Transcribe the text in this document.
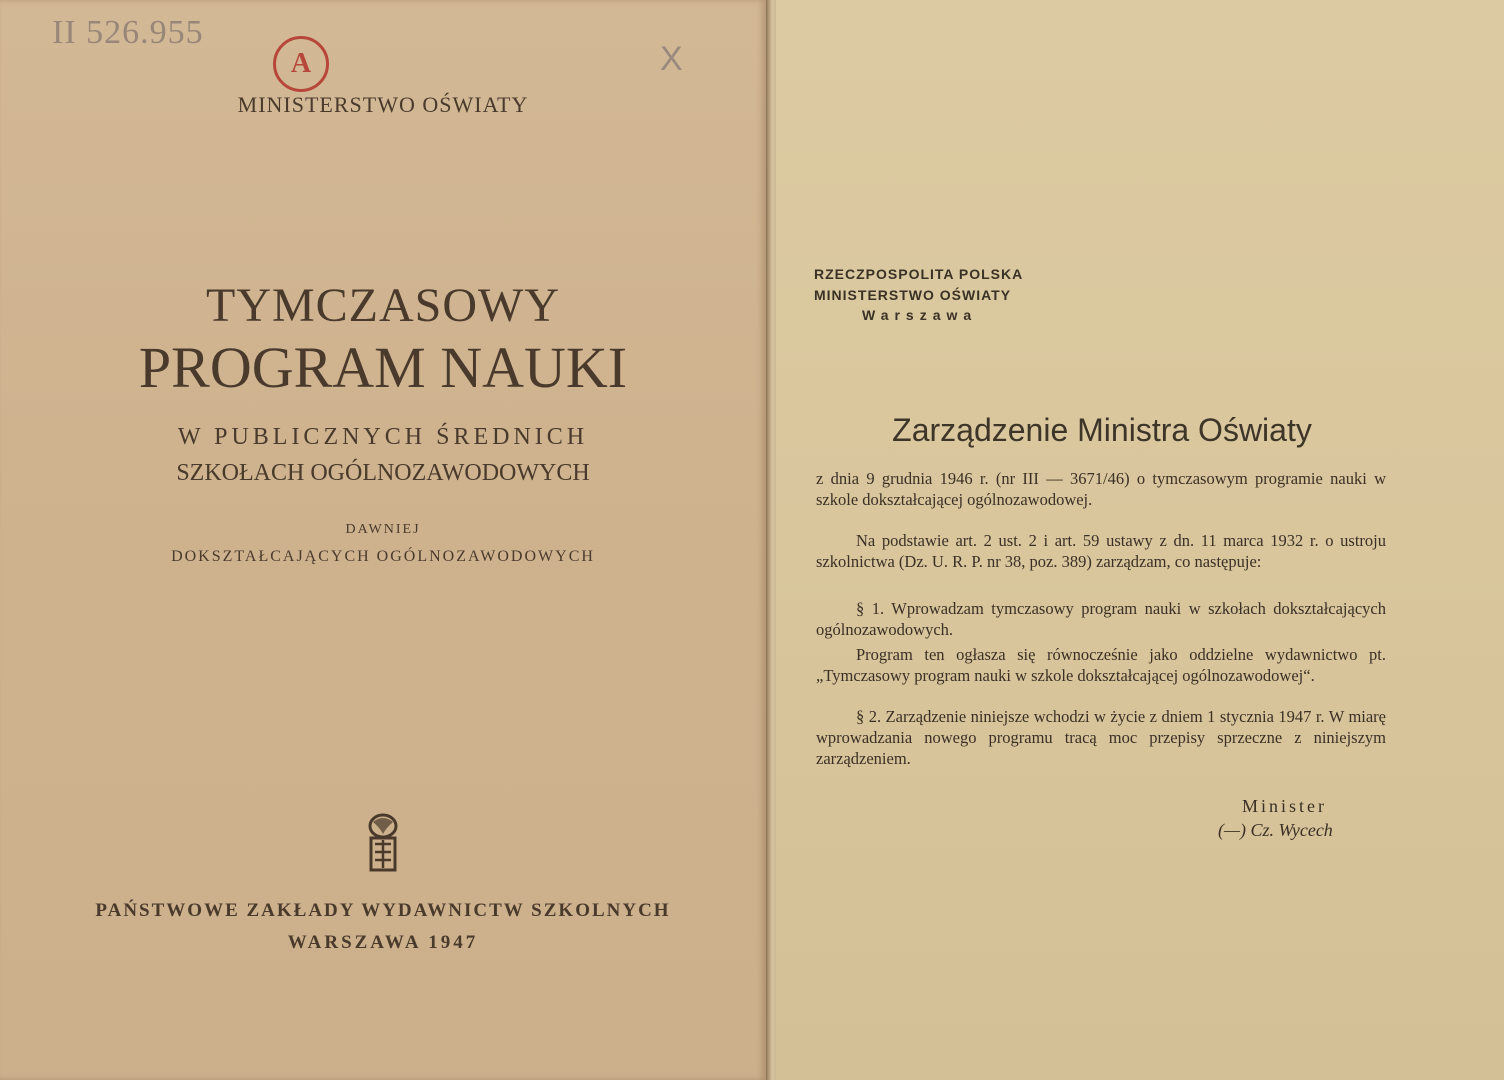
II 526.955
A	X
MINISTERSTWO OŚWIATY
TYMCZASOWY
PROGRAM NAUKI
W PUBLICZNYCH ŚREDNICH
SZKOŁACH OGÓLNOZAWODOWYCH
DAWNIEJ
DOKSZTAŁCAJĄCYCH OGÓLNOZAWODOWYCH
PAŃSTWOWE ZAKŁADY WYDAWNICTW SZKOLNYCH
WARSZAWA 1947
RZECZPOSPOLITA POLSKA
MINISTERSTWO OŚWIATY
Warszawa
Zarządzenie Ministra Oświaty

z dnia 9 grudnia 1946 r. (nr III — 3671/46) o tymczasowym programie nauki w szkole dokształcającej ogólnozawodowej.

Na podstawie art. 2 ust. 2 i art. 59 ustawy z dn. 11 marca 1932 r. o ustroju szkolnictwa (Dz. U. R. P. nr 38, poz. 389) zarządzam, co następuje:

§ 1. Wprowadzam tymczasowy program nauki w szkołach dokształcających ogólnozawodowych.

Program ten ogłasza się równocześnie jako oddzielne wydawnictwo pt. „Tymczasowy program nauki w szkole dokształcającej ogólnozawodowej“.

§ 2. Zarządzenie niniejsze wchodzi w życie z dniem 1 stycznia 1947 r. W miarę wprowadzania nowego programu tracą moc przepisy sprzeczne z niniejszym zarządzeniem.

Minister
(—) Cz. Wycech
